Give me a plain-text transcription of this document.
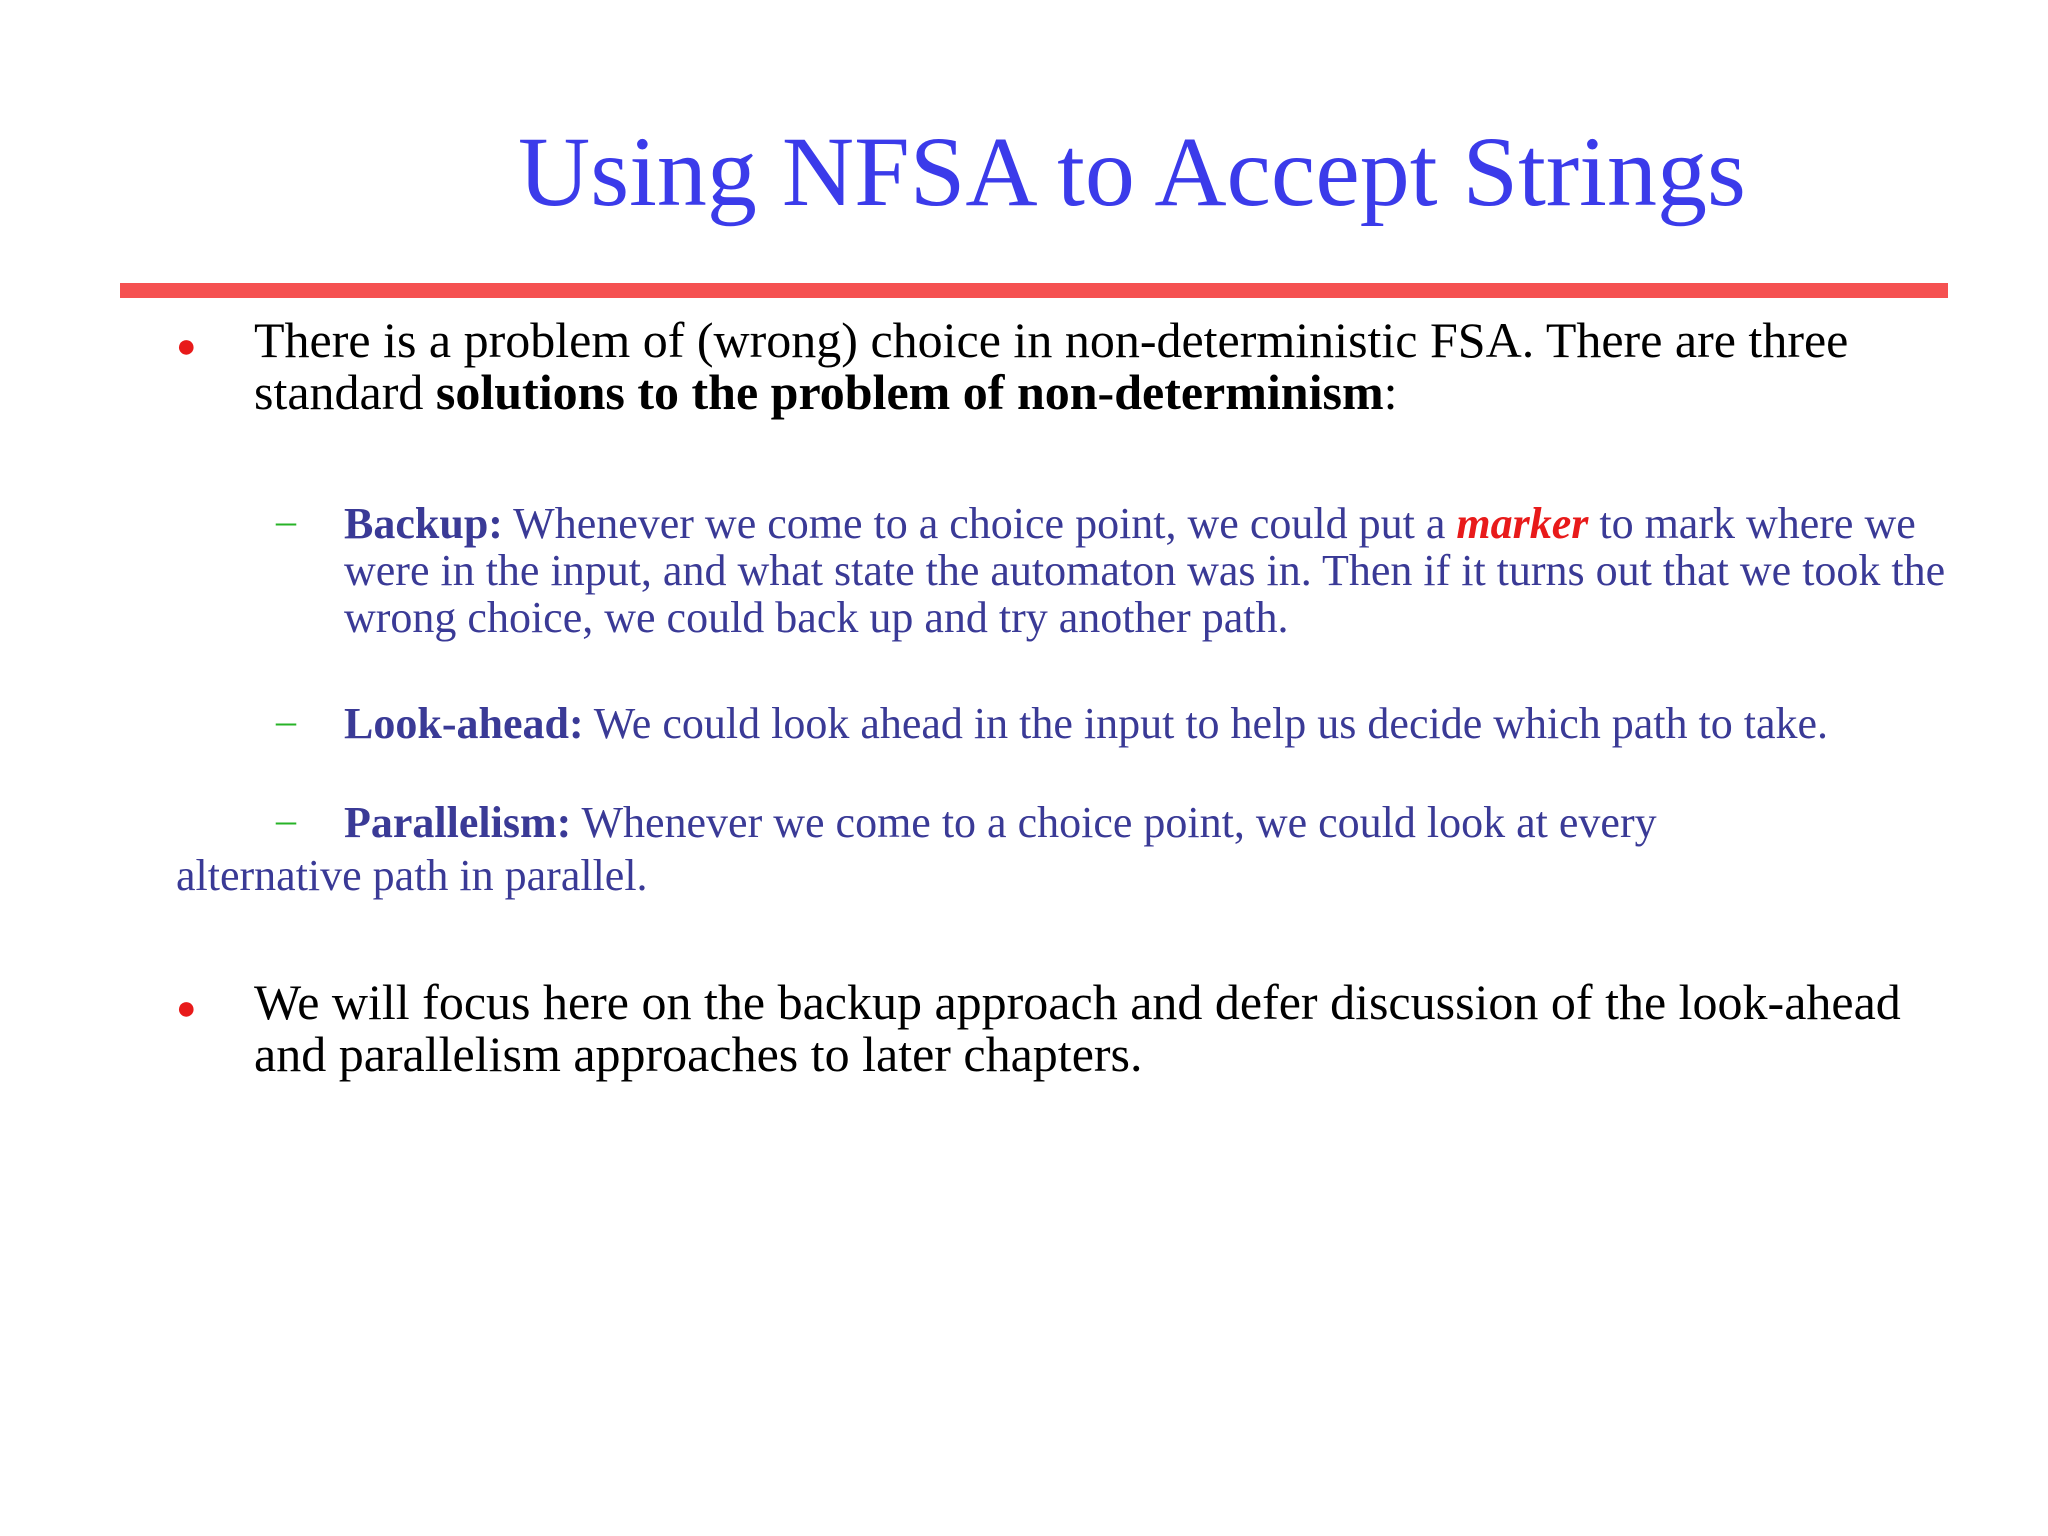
Using NFSA to Accept Strings
● There is a problem of (wrong) choice in non-deterministic FSA. There are three standard solutions to the problem of non-determinism:
– Backup: Whenever we come to a choice point, we could put a marker to mark where we were in the input, and what state the automaton was in. Then if it turns out that we took the wrong choice, we could back up and try another path.
– Look-ahead: We could look ahead in the input to help us decide which path to take.
– Parallelism: Whenever we come to a choice point, we could look at every
alternative path in parallel.
● We will focus here on the backup approach and defer discussion of the look-ahead and parallelism approaches to later chapters.
